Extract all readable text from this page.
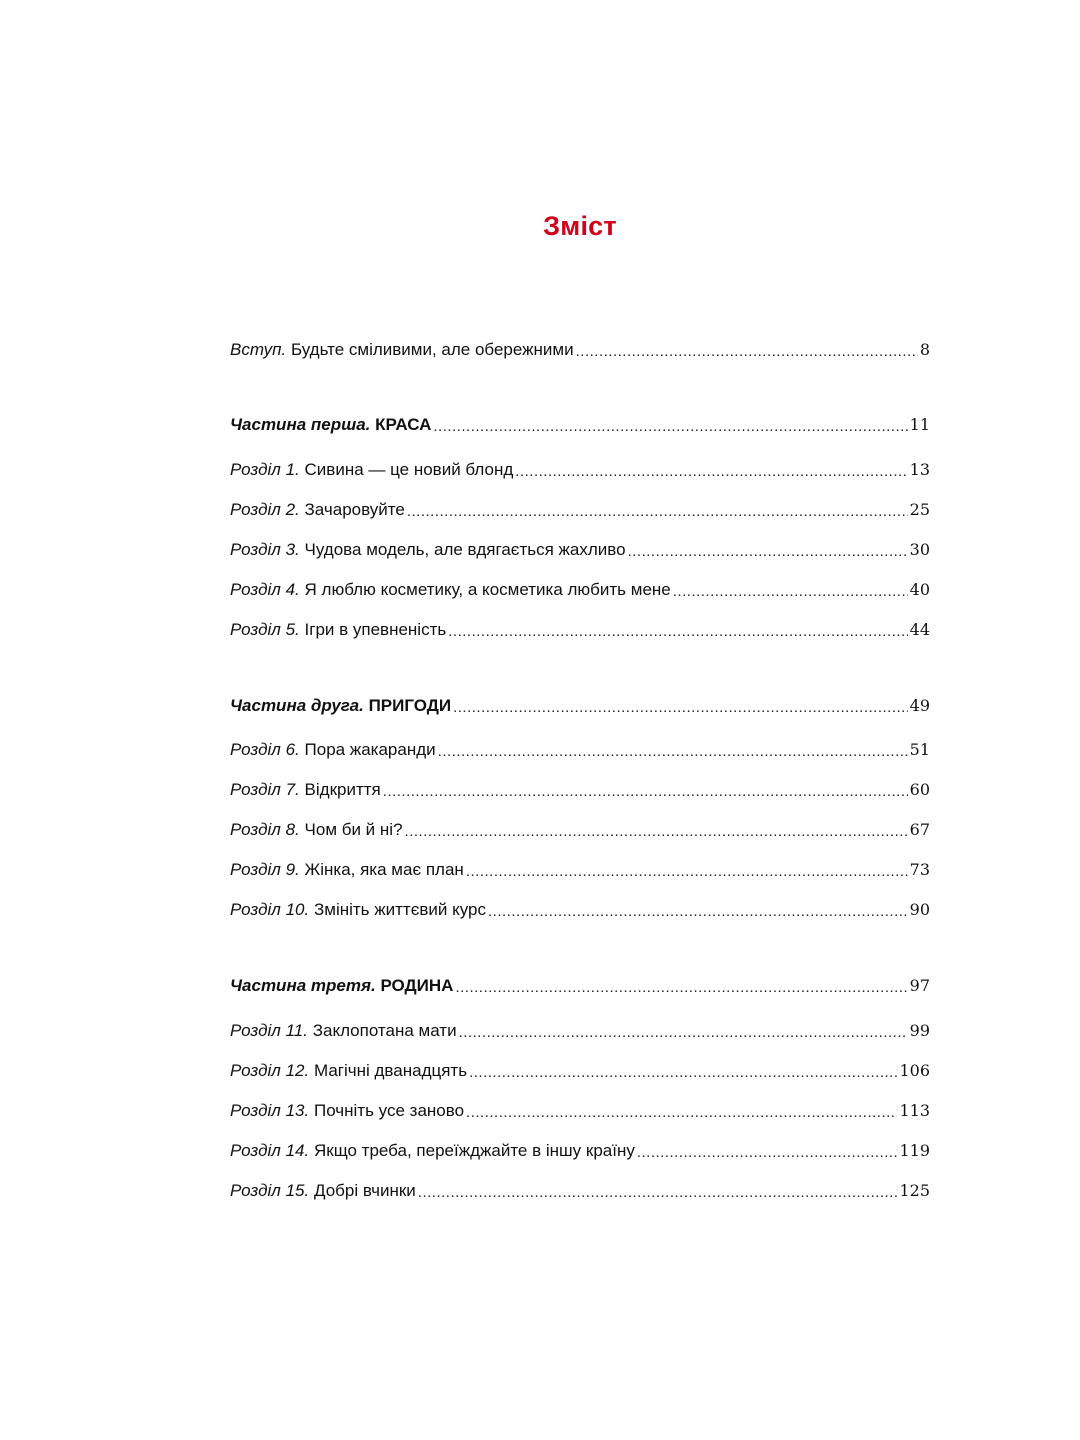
Зміст
Вступ. Будьте сміливими, але обережними .....	8
Частина перша. КРАСА .....	11
Розділ 1. Сивина — це новий блонд .....	13
Розділ 2. Зачаровуйте .....	25
Розділ 3. Чудова модель, але вдягається жахливо .....	30
Розділ 4. Я люблю косметику, а косметика любить мене .....	40
Розділ 5. Ігри в упевненість .....	44
Частина друга. ПРИГОДИ .....	49
Розділ 6. Пора жакаранди .....	51
Розділ 7. Відкриття .....	60
Розділ 8. Чом би й ні? .....	67
Розділ 9. Жінка, яка має план .....	73
Розділ 10. Змініть життєвий курс .....	90
Частина третя. РОДИНА .....	97
Розділ 11. Заклопотана мати .....	99
Розділ 12. Магічні дванадцять .....	106
Розділ 13. Почніть усе заново .....	113
Розділ 14. Якщо треба, переїжджайте в іншу країну .....	119
Розділ 15. Добрі вчинки .....	125
